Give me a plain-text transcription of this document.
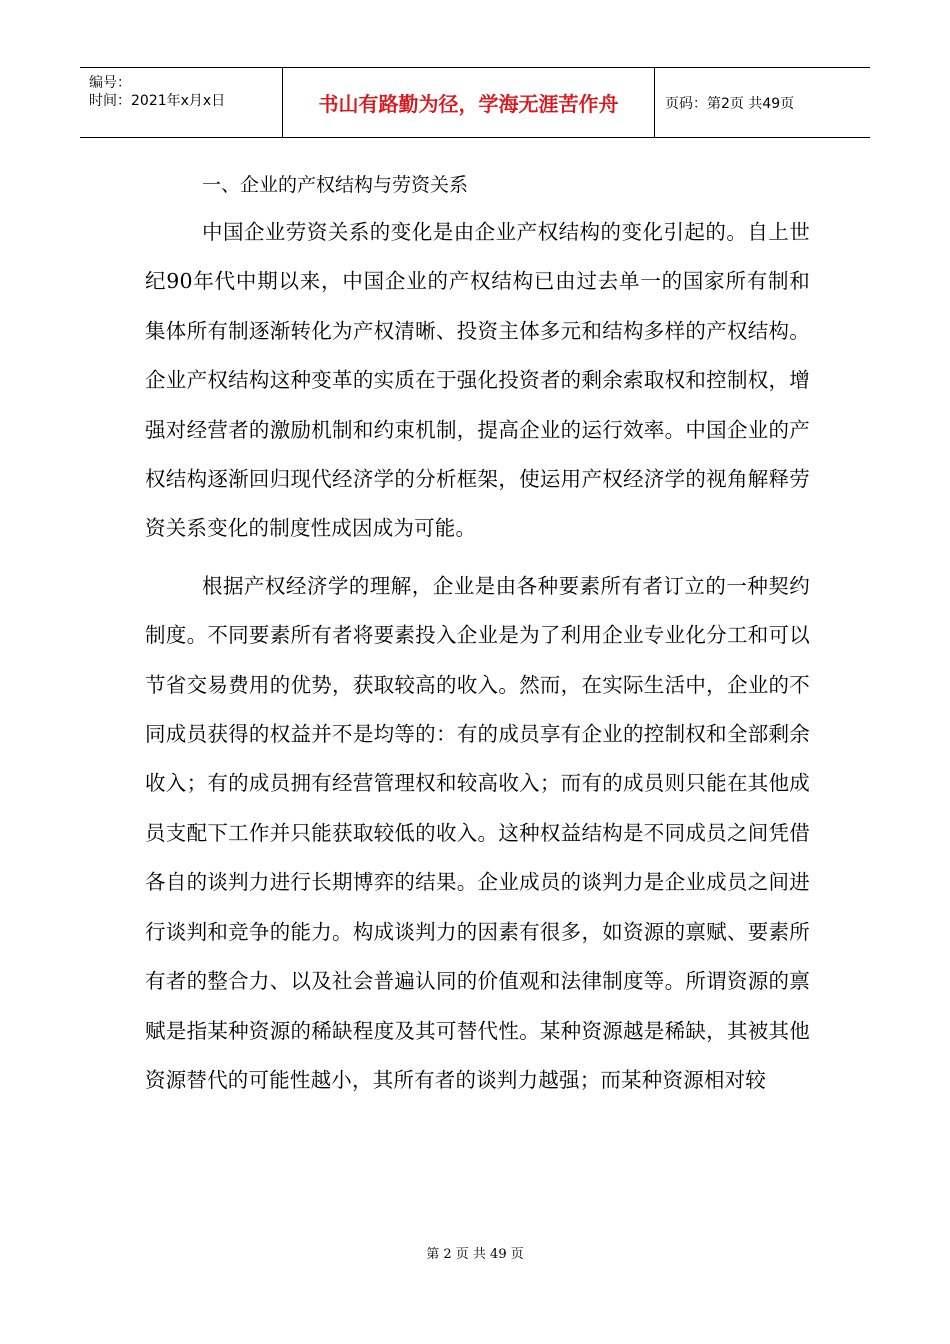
编号：
时间：2021年x月x日	书山有路勤为径，学海无涯苦作舟	页码：第2页 共49页
一、企业的产权结构与劳资关系

中国企业劳资关系的变化是由企业产权结构的变化引起的。自上世纪90年代中期以来，中国企业的产权结构已由过去单一的国家所有制和集体所有制逐渐转化为产权清晰、投资主体多元和结构多样的产权结构。企业产权结构这种变革的实质在于强化投资者的剩余索取权和控制权，增强对经营者的激励机制和约束机制，提高企业的运行效率。中国企业的产权结构逐渐回归现代经济学的分析框架，使运用产权经济学的视角解释劳资关系变化的制度性成因成为可能。

根据产权经济学的理解，企业是由各种要素所有者订立的一种契约制度。不同要素所有者将要素投入企业是为了利用企业专业化分工和可以节省交易费用的优势，获取较高的收入。然而，在实际生活中，企业的不同成员获得的权益并不是均等的：有的成员享有企业的控制权和全部剩余收入；有的成员拥有经营管理权和较高收入；而有的成员则只能在其他成员支配下工作并只能获取较低的收入。这种权益结构是不同成员之间凭借各自的谈判力进行长期博弈的结果。企业成员的谈判力是企业成员之间进行谈判和竞争的能力。构成谈判力的因素有很多，如资源的禀赋、要素所有者的整合力、以及社会普遍认同的价值观和法律制度等。所谓资源的禀赋是指某种资源的稀缺程度及其可替代性。某种资源越是稀缺，其被其他资源替代的可能性越小，其所有者的谈判力越强；而某种资源相对较

第 2 页 共 49 页
